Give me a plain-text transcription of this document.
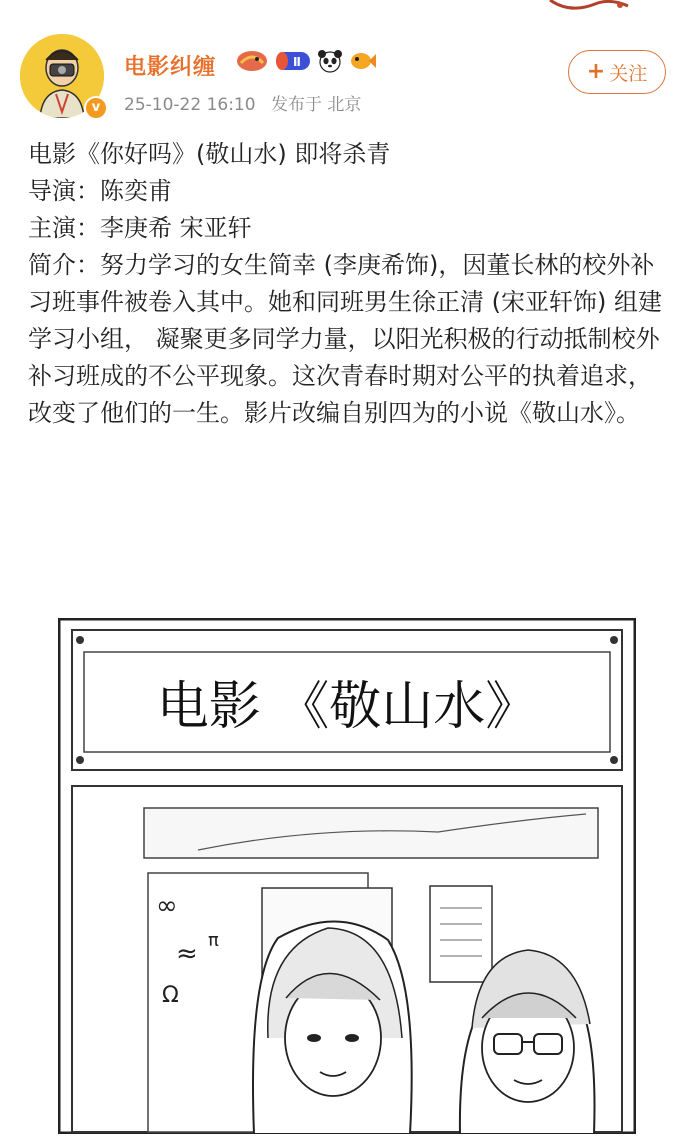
v
电影纠缠	Ⅱ
25-10-22 16:10 发布于 北京
+ 关注

电影《你好吗》(敬山水) 即将杀青

导演：陈奕甫

主演：李庚希 宋亚轩

简介：努力学习的女生简幸 (李庚希饰)，因董长林的校外补习班事件被卷入其中。她和同班男生徐正清 (宋亚轩饰) 组建学习小组， 凝聚更多同学力量，以阳光积极的行动抵制校外补习班成的不公平现象。这次青春时期对公平的执着追求，改变了他们的一生。影片改编自别四为的小说《敬山水》。

电影 《敬山水》
∞
≈ π
Ω
